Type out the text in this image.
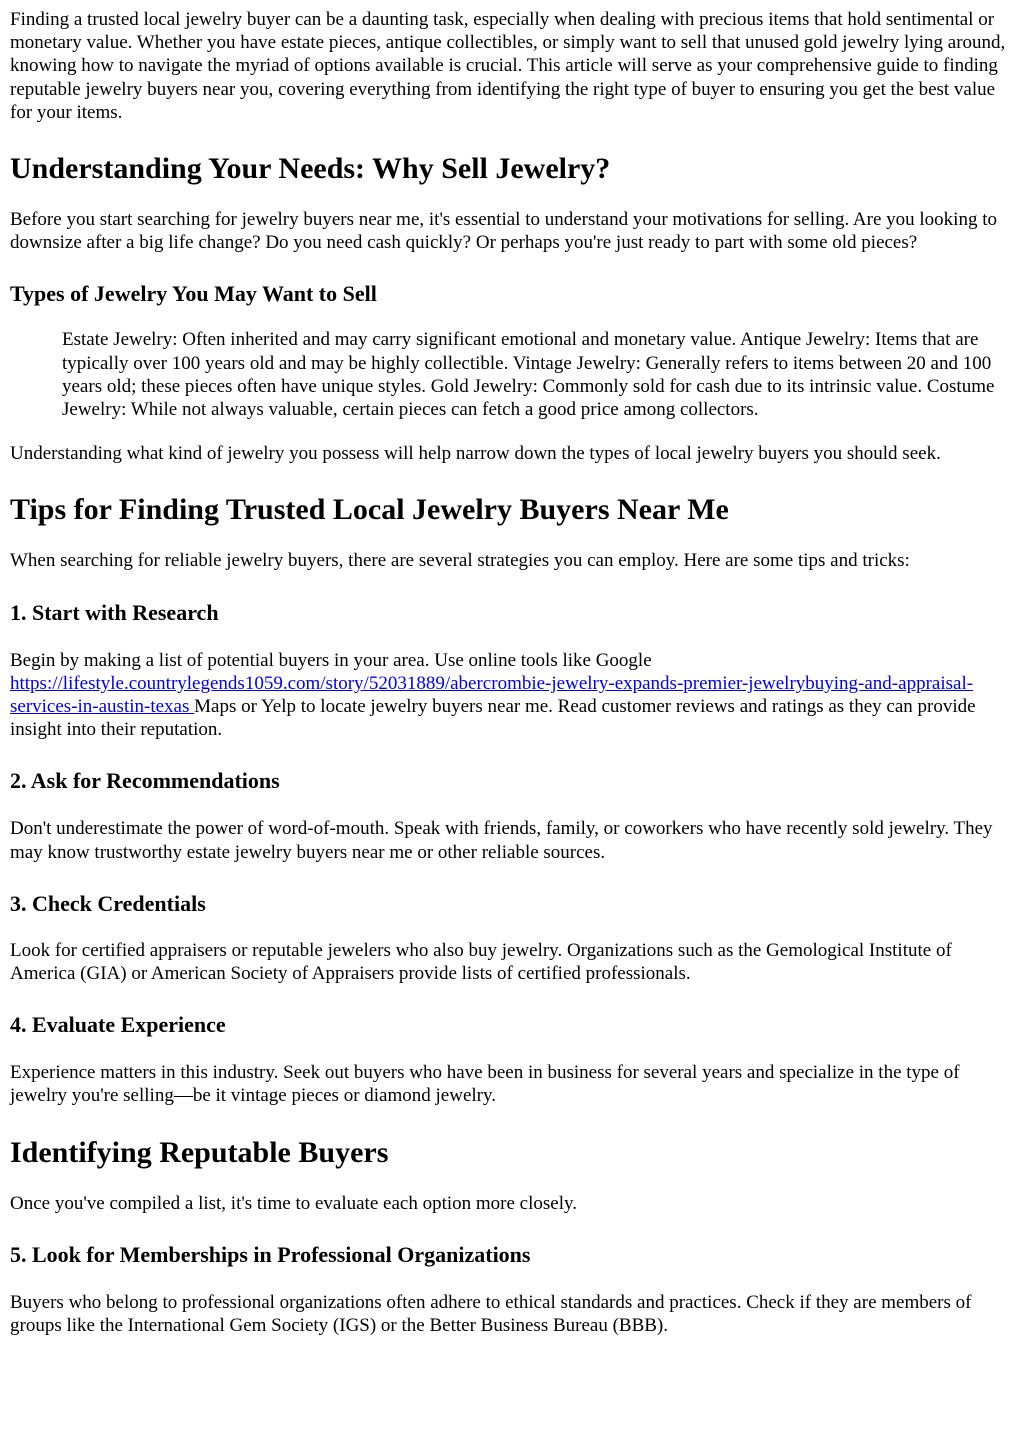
Finding a trusted local jewelry buyer can be a daunting task, especially when dealing with precious items that hold sentimental or monetary value. Whether you have estate pieces, antique collectibles, or simply want to sell that unused gold jewelry lying around, knowing how to navigate the myriad of options available is crucial. This article will serve as your comprehensive guide to finding reputable jewelry buyers near you, covering everything from identifying the right type of buyer to ensuring you get the best value for your items.

Understanding Your Needs: Why Sell Jewelry?

Before you start searching for jewelry buyers near me, it's essential to understand your motivations for selling. Are you looking to downsize after a big life change? Do you need cash quickly? Or perhaps you're just ready to part with some old pieces?

Types of Jewelry You May Want to Sell

Estate Jewelry: Often inherited and may carry significant emotional and monetary value. Antique Jewelry: Items that are typically over 100 years old and may be highly collectible. Vintage Jewelry: Generally refers to items between 20 and 100 years old; these pieces often have unique styles. Gold Jewelry: Commonly sold for cash due to its intrinsic value. Costume Jewelry: While not always valuable, certain pieces can fetch a good price among collectors.

Understanding what kind of jewelry you possess will help narrow down the types of local jewelry buyers you should seek.

Tips for Finding Trusted Local Jewelry Buyers Near Me

When searching for reliable jewelry buyers, there are several strategies you can employ. Here are some tips and tricks:

1. Start with Research

Begin by making a list of potential buyers in your area. Use online tools like Google https://lifestyle.countrylegends1059.com/story/52031889/abercrombie-jewelry-expands-premier-jewelrybuying-and-appraisal-services-in-austin-texas Maps or Yelp to locate jewelry buyers near me. Read customer reviews and ratings as they can provide insight into their reputation.

2. Ask for Recommendations

Don't underestimate the power of word-of-mouth. Speak with friends, family, or coworkers who have recently sold jewelry. They may know trustworthy estate jewelry buyers near me or other reliable sources.

3. Check Credentials

Look for certified appraisers or reputable jewelers who also buy jewelry. Organizations such as the Gemological Institute of America (GIA) or American Society of Appraisers provide lists of certified professionals.

4. Evaluate Experience

Experience matters in this industry. Seek out buyers who have been in business for several years and specialize in the type of jewelry you're selling—be it vintage pieces or diamond jewelry.

Identifying Reputable Buyers

Once you've compiled a list, it's time to evaluate each option more closely.

5. Look for Memberships in Professional Organizations

Buyers who belong to professional organizations often adhere to ethical standards and practices. Check if they are members of groups like the International Gem Society (IGS) or the Better Business Bureau (BBB).
